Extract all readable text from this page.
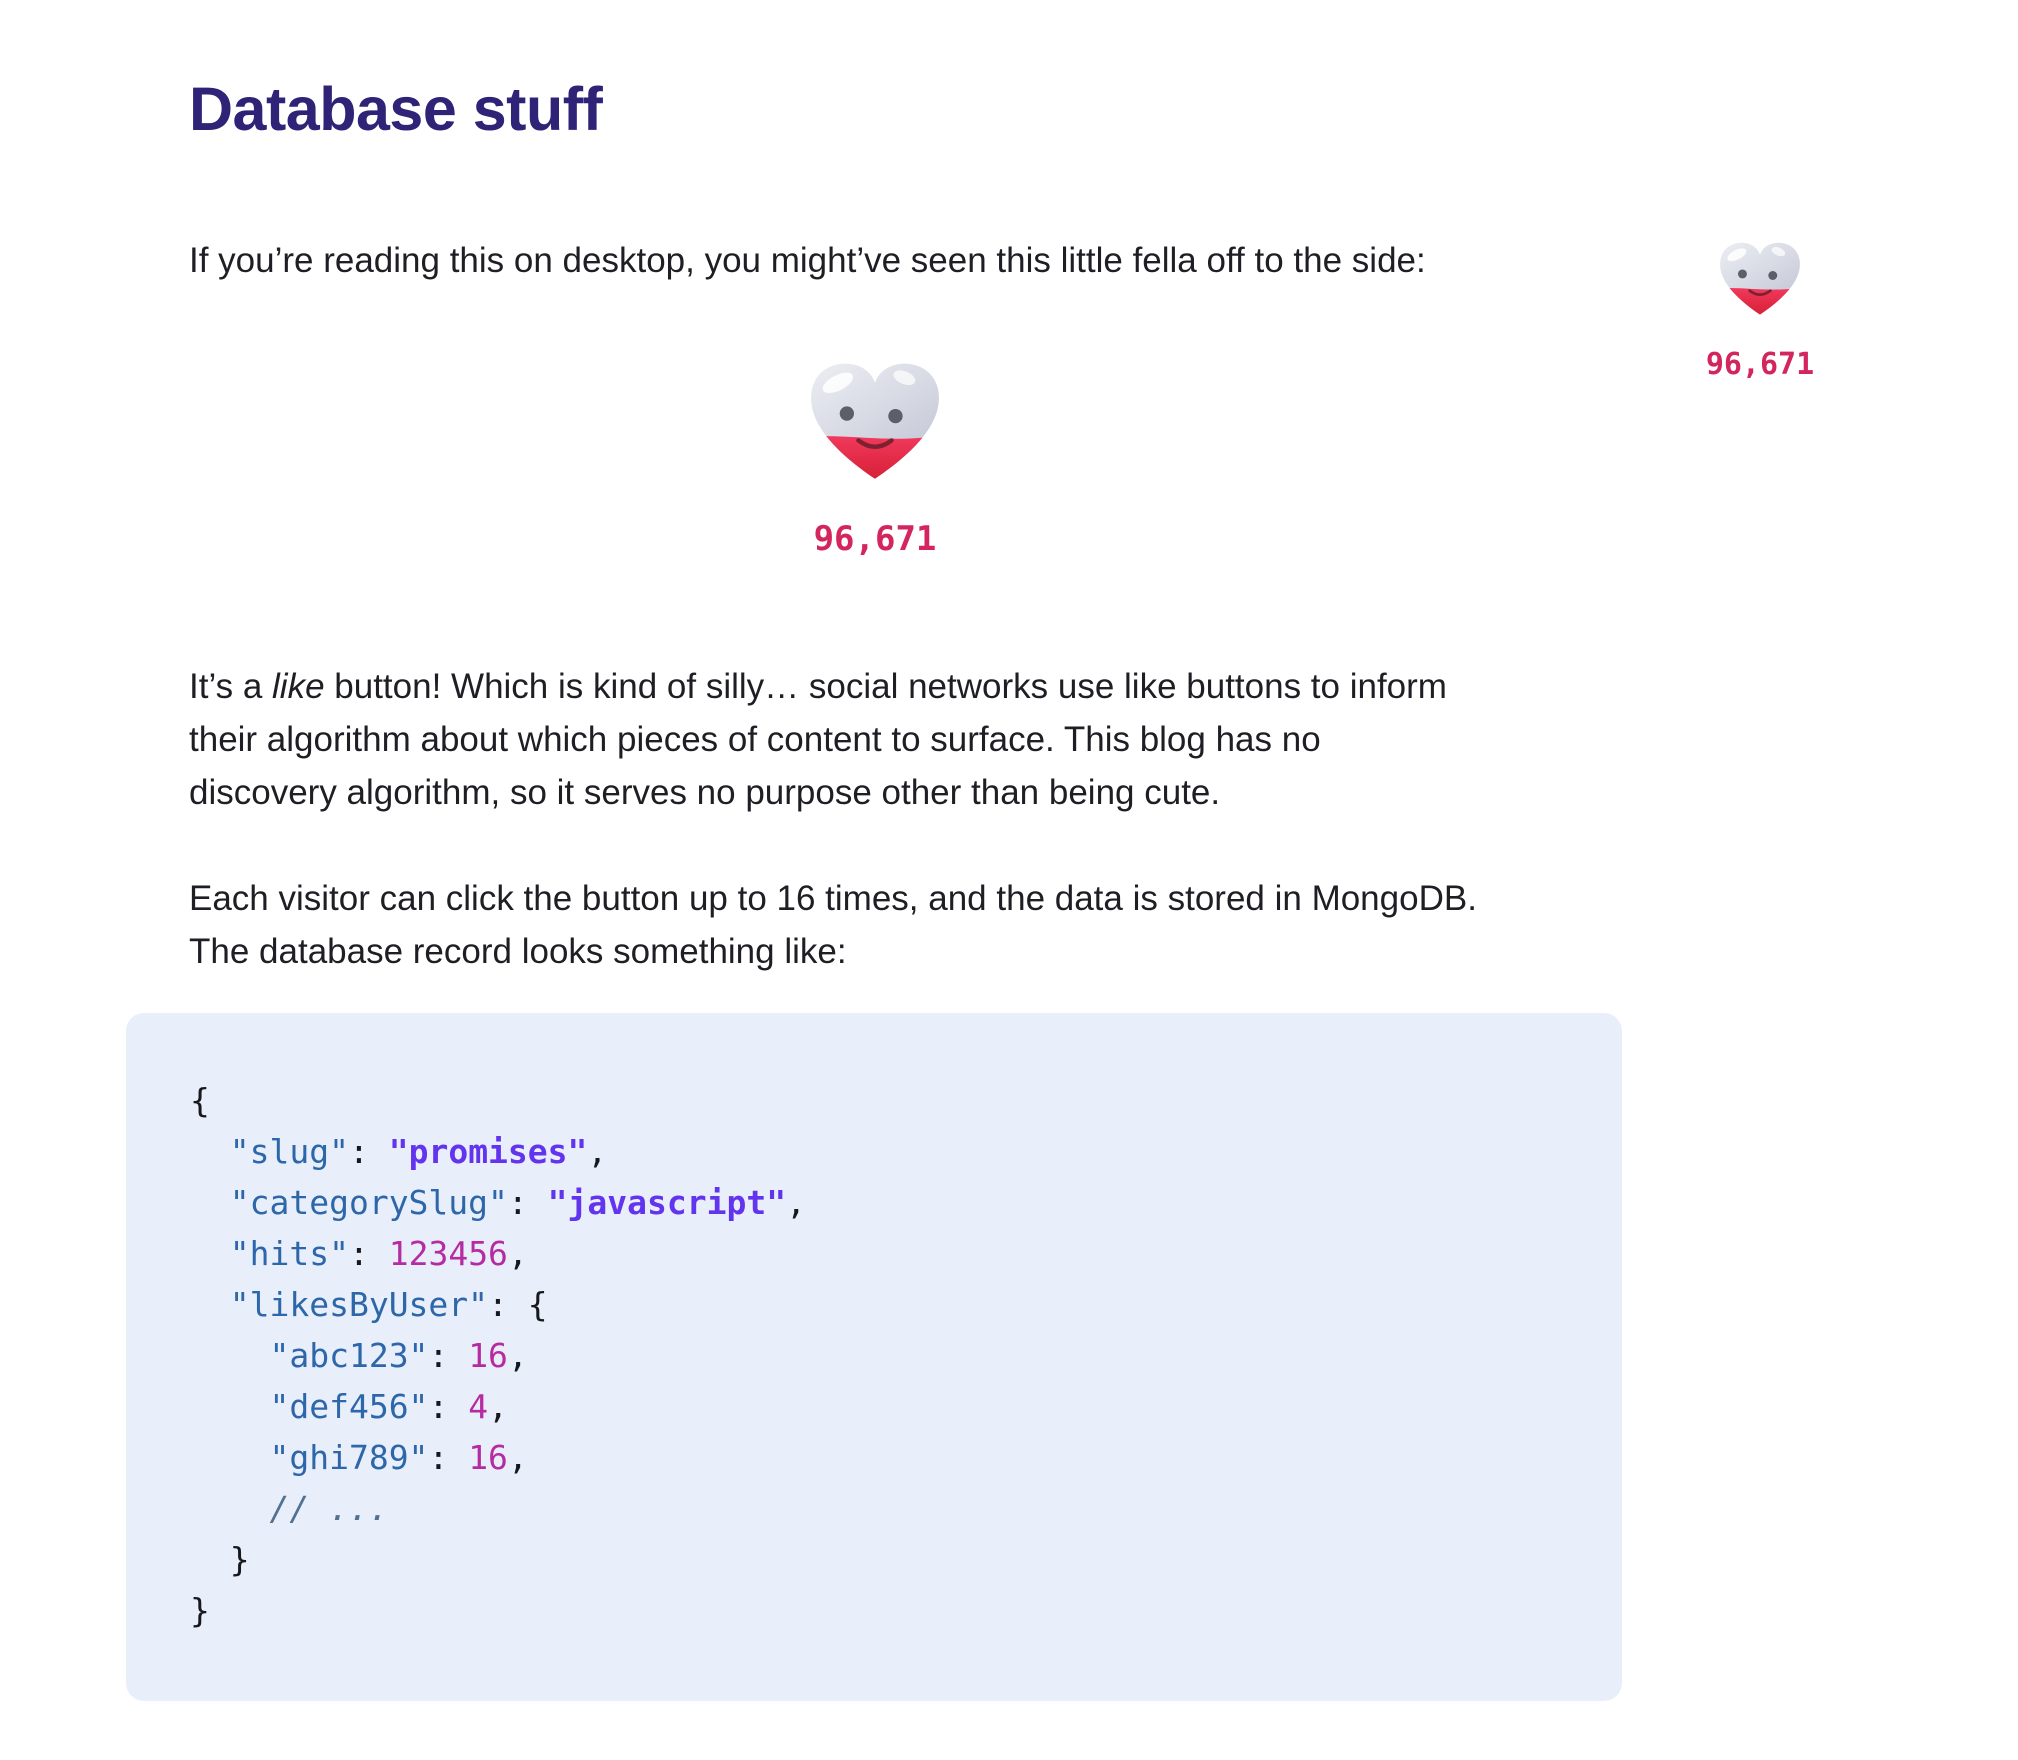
Database stuff

If you’re reading this on desktop, you might’ve seen this little fella off to the side:

96,671
96,671

It’s a like button! Which is kind of silly… social networks use like buttons to inform
their algorithm about which pieces of content to surface. This blog has no
discovery algorithm, so it serves no purpose other than being cute.

Each visitor can click the button up to 16 times, and the data is stored in MongoDB.
The database record looks something like:

{
"slug": "promises",
"categorySlug": "javascript",
"hits": 123456,
"likesByUser": {
"abc123": 16,
"def456": 4,
"ghi789": 16,
// ...
}
}
